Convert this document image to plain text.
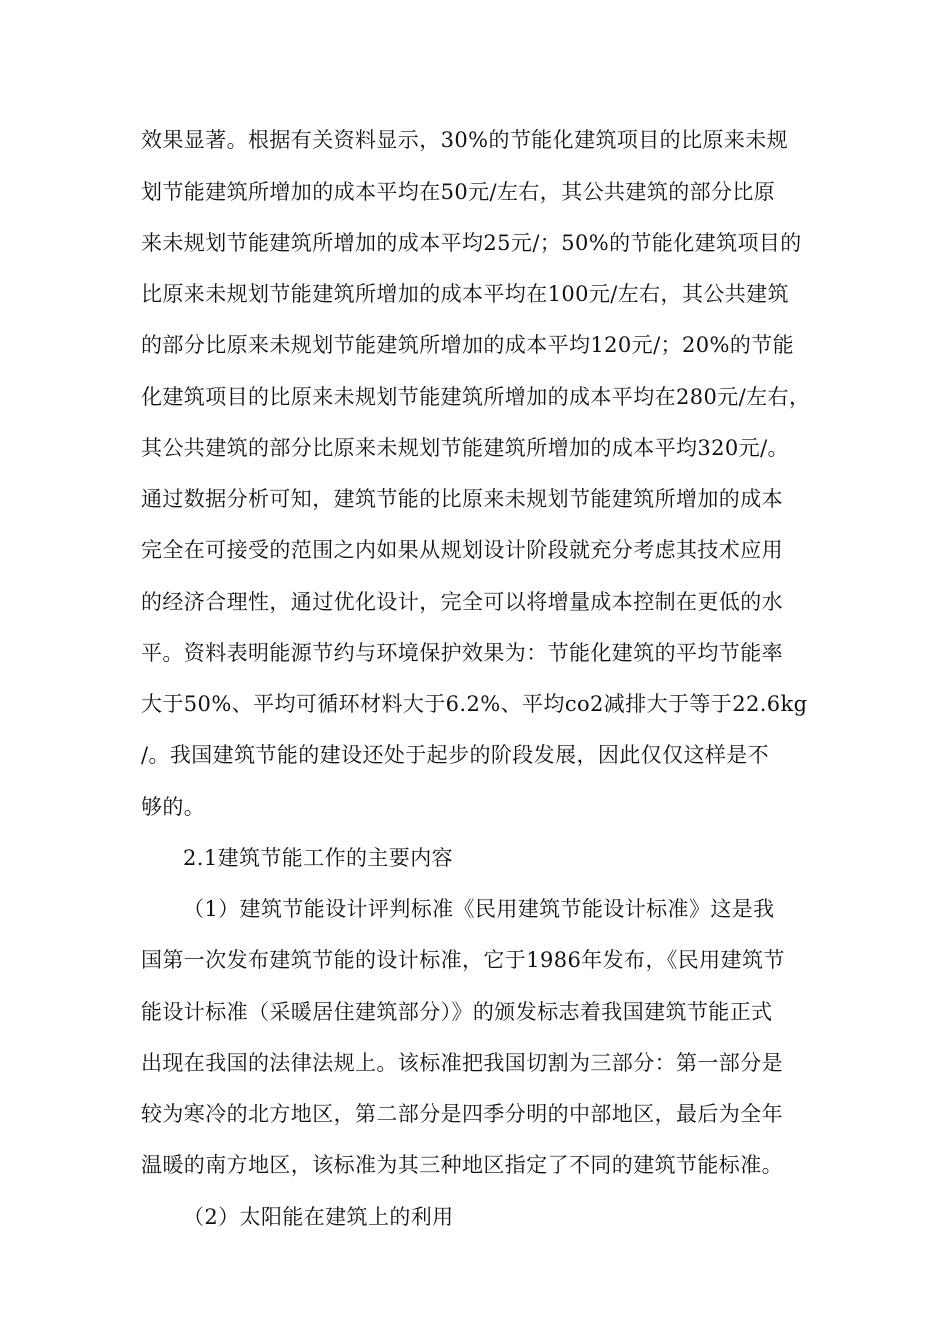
效果显著。根据有关资料显示，30%的节能化建筑项目的比原来未规

划节能建筑所增加的成本平均在50元/左右，其公共建筑的部分比原

来未规划节能建筑所增加的成本平均25元/；50%的节能化建筑项目的

比原来未规划节能建筑所增加的成本平均在100元/左右，其公共建筑

的部分比原来未规划节能建筑所增加的成本平均120元/；20%的节能

化建筑项目的比原来未规划节能建筑所增加的成本平均在280元/左右，

其公共建筑的部分比原来未规划节能建筑所增加的成本平均320元/。

通过数据分析可知，建筑节能的比原来未规划节能建筑所增加的成本

完全在可接受的范围之内如果从规划设计阶段就充分考虑其技术应用

的经济合理性，通过优化设计，完全可以将增量成本控制在更低的水

平。资料表明能源节约与环境保护效果为：节能化建筑的平均节能率

大于50%、平均可循环材料大于6.2%、平均co2减排大于等于22.6kg

/。我国建筑节能的建设还处于起步的阶段发展，因此仅仅这样是不

够的。

2.1建筑节能工作的主要内容

（1）建筑节能设计评判标准《民用建筑节能设计标准》这是我

国第一次发布建筑节能的设计标准，它于1986年发布，《民用建筑节

能设计标准（采暖居住建筑部分）》的颁发标志着我国建筑节能正式

出现在我国的法律法规上。该标准把我国切割为三部分：第一部分是

较为寒冷的北方地区，第二部分是四季分明的中部地区，最后为全年

温暖的南方地区，该标准为其三种地区指定了不同的建筑节能标准。

（2）太阳能在建筑上的利用
